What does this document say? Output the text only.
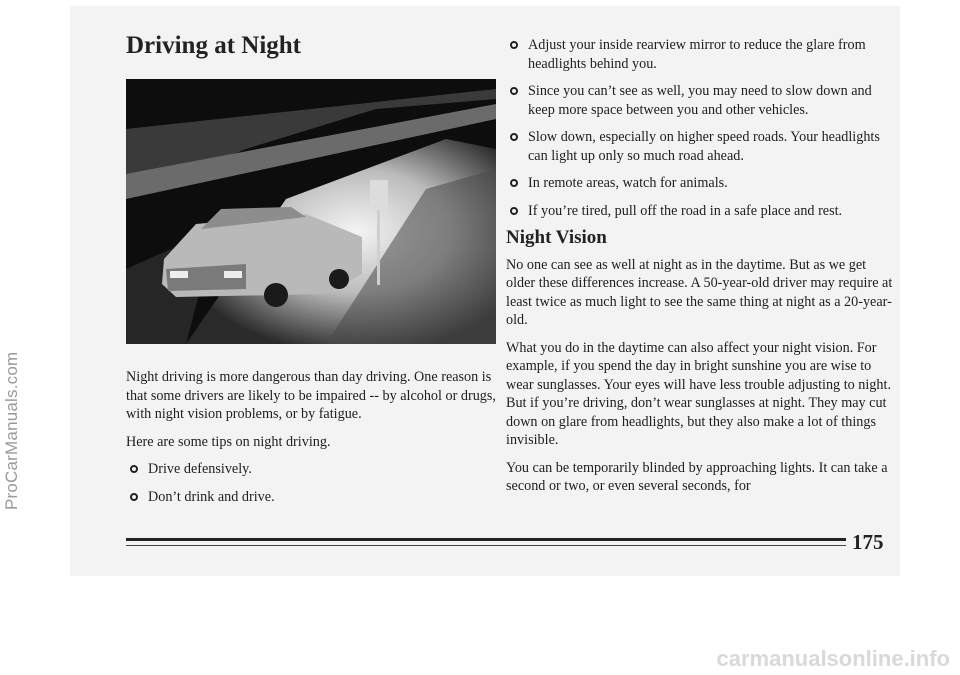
ProCarManuals.com
carmanualsonline.info
Driving at Night

Night driving is more dangerous than day driving. One reason is that some drivers are likely to be impaired -- by alcohol or drugs, with night vision problems, or by fatigue.

Here are some tips on night driving.

Drive defensively.
Don’t drink and drive.
Adjust your inside rearview mirror to reduce the glare from headlights behind you.
Since you can’t see as well, you may need to slow down and keep more space between you and other vehicles.
Slow down, especially on higher speed roads. Your headlights can light up only so much road ahead.
In remote areas, watch for animals.
If you’re tired, pull off the road in a safe place and rest.
Night Vision

No one can see as well at night as in the daytime. But as we get older these differences increase. A 50-year-old driver may require at least twice as much light to see the same thing at night as a 20-year-old.

What you do in the daytime can also affect your night vision. For example, if you spend the day in bright sunshine you are wise to wear sunglasses. Your eyes will have less trouble adjusting to night. But if you’re driving, don’t wear sunglasses at night. They may cut down on glare from headlights, but they also make a lot of things invisible.

You can be temporarily blinded by approaching lights. It can take a second or two, or even several seconds, for

175
